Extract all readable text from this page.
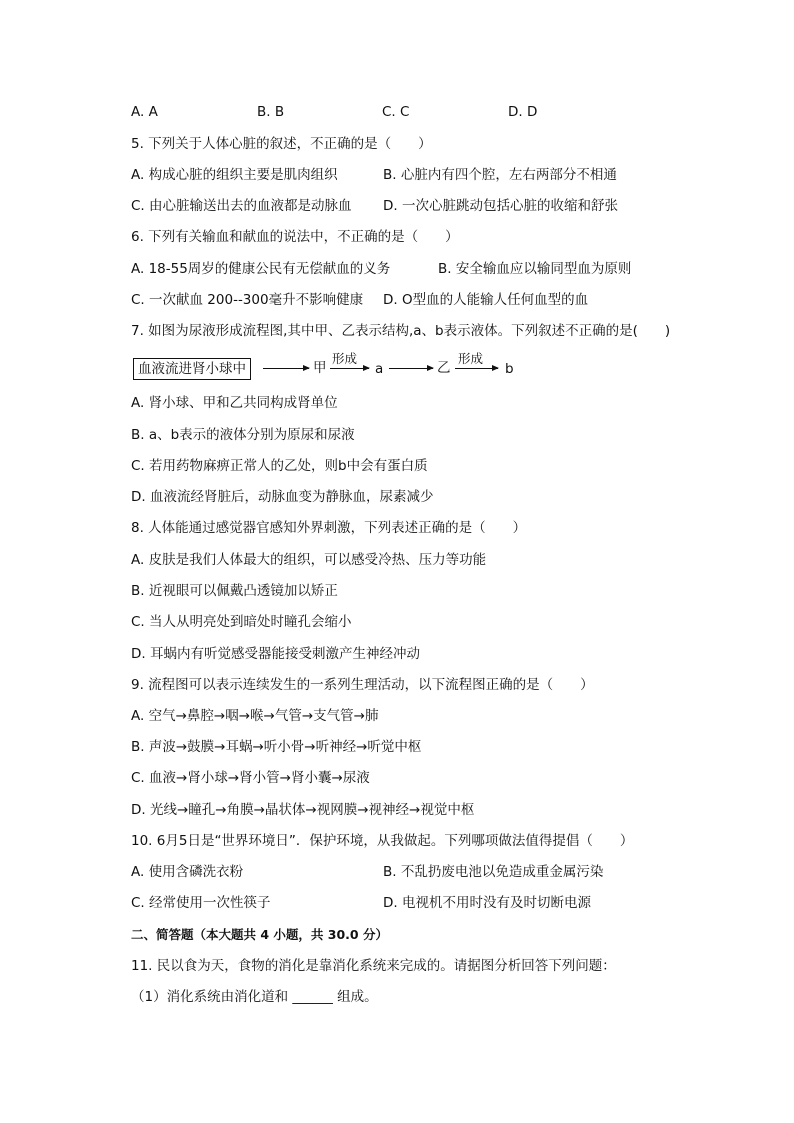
A. A	B. B	C. C	D. D
5. 下列关于人体心脏的叙述，不正确的是（　　）
A. 构成心脏的组织主要是肌肉组织	B. 心脏内有四个腔，左右两部分不相通
C. 由心脏输送出去的血液都是动脉血 D. 一次心脏跳动包括心脏的收缩和舒张
6. 下列有关输血和献血的说法中，不正确的是（　　）
A. 18-55周岁的健康公民有无偿献血的义务	B. 安全输血应以输同型血为原则
C. 一次献血 200--300毫升不影响健康 D. O型血的人能输人任何血型的血
7. 如图为尿液形成流程图,其中甲、乙表示结构,a、b表示液体。下列叙述不正确的是(　　)
血液流进肾小球中	甲
形成
a	乙
形成
b
A. 肾小球、甲和乙共同构成肾单位
B. a、b表示的液体分别为原尿和尿液
C. 若用药物麻痹正常人的乙处，则b中会有蛋白质
D. 血液流经肾脏后，动脉血变为静脉血，尿素减少
8. 人体能通过感觉器官感知外界刺激，下列表述正确的是（　　）
A. 皮肤是我们人体最大的组织，可以感受冷热、压力等功能
B. 近视眼可以佩戴凸透镜加以矫正
C. 当人从明亮处到暗处时瞳孔会缩小
D. 耳蜗内有听觉感受器能接受刺激产生神经冲动
9. 流程图可以表示连续发生的一系列生理活动，以下流程图正确的是（　　）
A. 空气→鼻腔→咽→喉→气管→支气管→肺
B. 声波→鼓膜→耳蜗→听小骨→听神经→听觉中枢
C. 血液→肾小球→肾小管→肾小囊→尿液
D. 光线→瞳孔→角膜→晶状体→视网膜→视神经→视觉中枢
10. 6月5日是“世界环境日”．保护环境，从我做起。下列哪项做法值得提倡（　　）
A. 使用含磷洗衣粉	B. 不乱扔废电池以免造成重金属污染
C. 经常使用一次性筷子	D. 电视机不用时没有及时切断电源
二、简答题（本大题共 4 小题，共 30.0 分）
11. 民以食为天，食物的消化是靠消化系统来完成的。请据图分析回答下列问题：
（1）消化系统由消化道和 ______ 组成。
